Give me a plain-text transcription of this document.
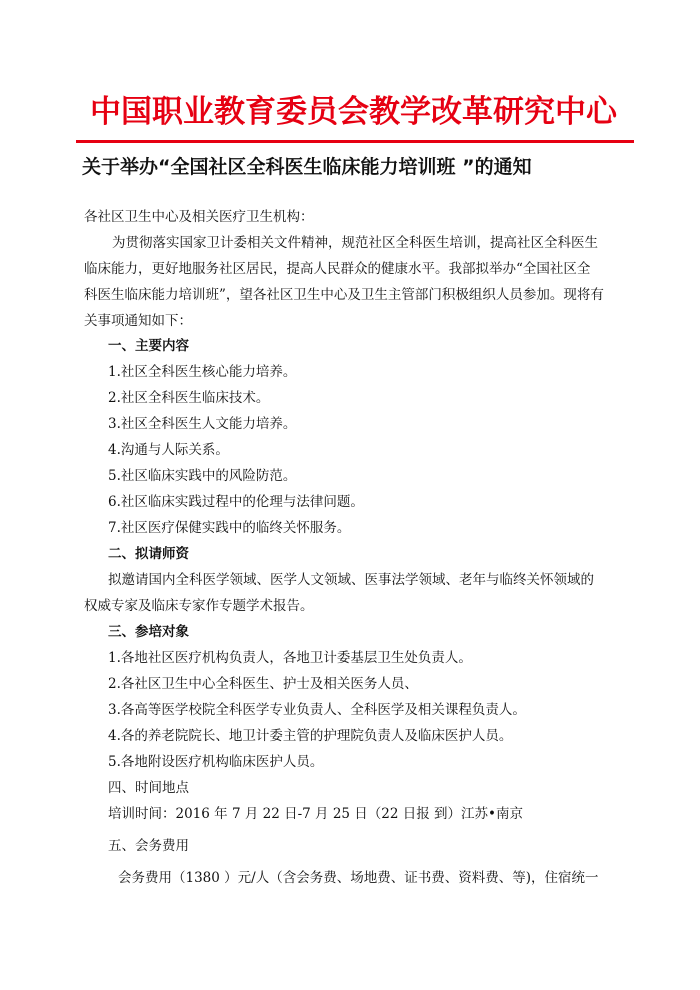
中国职业教育委员会教学改革研究中心
关于举办“全国社区全科医生临床能力培训班 ”的通知
各社区卫生中心及相关医疗卫生机构：
为贯彻落实国家卫计委相关文件精神，规范社区全科医生培训，提高社区全科医生
临床能力，更好地服务社区居民，提高人民群众的健康水平。我部拟举办“全国社区全
科医生临床能力培训班”，望各社区卫生中心及卫生主管部门积极组织人员参加。现将有
关事项通知如下：
一、主要内容
1.社区全科医生核心能力培养。
2.社区全科医生临床技术。
3.社区全科医生人文能力培养。
4.沟通与人际关系。
5.社区临床实践中的风险防范。
6.社区临床实践过程中的伦理与法律问题。
7.社区医疗保健实践中的临终关怀服务。
二、拟请师资
拟邀请国内全科医学领域、医学人文领域、医事法学领域、老年与临终关怀领域的
权威专家及临床专家作专题学术报告。
三、参培对象
1.各地社区医疗机构负责人，各地卫计委基层卫生处负责人。
2.各社区卫生中心全科医生、护士及相关医务人员、
3.各高等医学校院全科医学专业负责人、全科医学及相关课程负责人。
4.各的养老院院长、地卫计委主管的护理院负责人及临床医护人员。
5.各地附设医疗机构临床医护人员。
四、时间地点
培训时间：2016 年 7 月 22 日-7 月 25 日（22 日报 到）江苏•南京
五、会务费用
会务费用（1380 ）元/人（含会务费、场地费、证书费、资料费、等)，住宿统一
